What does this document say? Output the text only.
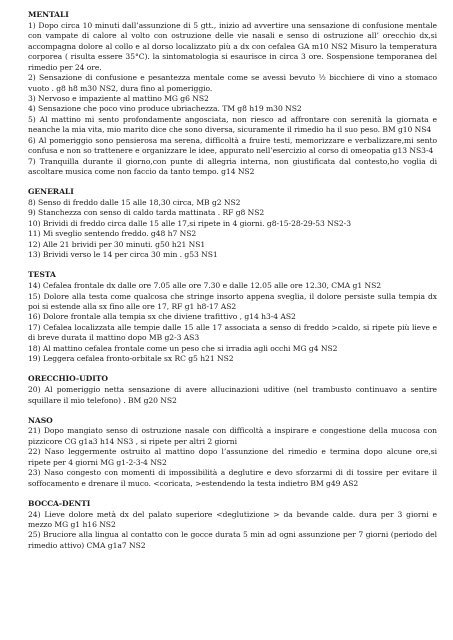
MENTALI

1) Dopo circa 10 minuti dall’assunzione di 5 gtt., inizio ad avvertire una sensazione di confusione mentale con vampate di calore al volto con ostruzione delle vie nasali e senso di ostruzione all’ orecchio dx,si accompagna dolore al collo e al dorso localizzato più a dx con cefalea GA m10 NS2 Misuro la temperatura corporea ( risulta essere 35°C). la sintomatologia si esaurisce in circa 3 ore. Sospensione temporanea del rimedio per 24 ore.

2) Sensazione di confusione e pesantezza mentale come se avessi bevuto ½ bicchiere di vino a stomaco vuoto . g8 h8 m30 NS2, dura fino al pomeriggio.

3) Nervoso e impaziente al mattino MG g6 NS2

4) Sensazione che poco vino produce ubriachezza. TM g8 h19 m30 NS2

5) Al mattino mi sento profondamente angosciata, non riesco ad affrontare con serenità la giornata e neanche la mia vita, mio marito dice che sono diversa, sicuramente il rimedio ha il suo peso. BM g10 NS4

6) Al pomeriggio sono pensierosa ma serena, difficoltà a fruire testi, memorizzare e verbalizzare,mi sento confusa e non so trattenere e organizzare le idee, appurato nell’esercizio al corso di omeopatia g13 NS3-4

7) Tranquilla durante il giorno,con punte di allegria interna, non giustificata dal contesto,ho voglia di ascoltare musica come non faccio da tanto tempo. g14 NS2

GENERALI

8) Senso di freddo dalle 15 alle 18,30 circa, MB g2 NS2

9) Stanchezza con senso di caldo tarda mattinata . RF g8 NS2

10) Brividi di freddo circa dalle 15 alle 17,si ripete in 4 giorni. g8-15-28-29-53 NS2-3

11) Mi sveglio sentendo freddo. g48 h7 NS2

12) Alle 21 brividi per 30 minuti. g50 h21 NS1

13) Brividi verso le 14 per circa 30 min . g53 NS1

TESTA

14) Cefalea frontale dx dalle ore 7.05 alle ore 7.30 e dalle 12.05 alle ore 12.30, CMA g1 NS2

15) Dolore alla testa come qualcosa che stringe insorto appena sveglia, il dolore persiste sulla tempia dx poi si estende alla sx fino alle ore 17, RF g1 h8-17 AS2

16) Dolore frontale alla tempia sx che diviene trafittivo , g14 h3-4 AS2

17) Cefalea localizzata alle tempie dalle 15 alle 17 associata a senso di freddo >caldo, si ripete più lieve e di breve durata il mattino dopo MB g2-3 AS3

18) Al mattino cefalea frontale come un peso che si irradia agli occhi MG g4 NS2

19) Leggera cefalea fronto-orbitale sx RC g5 h21 NS2

ORECCHIO-UDITO

20) Al pomeriggio netta sensazione di avere allucinazioni uditive (nel trambusto continuavo a sentire squillare il mio telefono) . BM g20 NS2

NASO

21) Dopo mangiato senso di ostruzione nasale con difficoltà a inspirare e congestione della mucosa con pizzicore CG g1a3 h14 NS3 , si ripete per altri 2 giorni

22) Naso leggermente ostruito al mattino dopo l’assunzione del rimedio e termina dopo alcune ore,si ripete per 4 giorni MG g1-2-3-4 NS2

23) Naso congesto con momenti di impossibilità a deglutire e devo sforzarmi di di tossire per evitare il soffocamento e drenare il muco. <coricata, >estendendo la testa indietro BM g49 AS2

BOCCA-DENTI

24) Lieve dolore metà dx del palato superiore <deglutizione > da bevande calde. dura per 3 giorni e mezzo MG g1 h16 NS2

25) Bruciore alla lingua al contatto con le gocce durata 5 min ad ogni assunzione per 7 giorni (periodo del rimedio attivo) CMA g1a7 NS2
